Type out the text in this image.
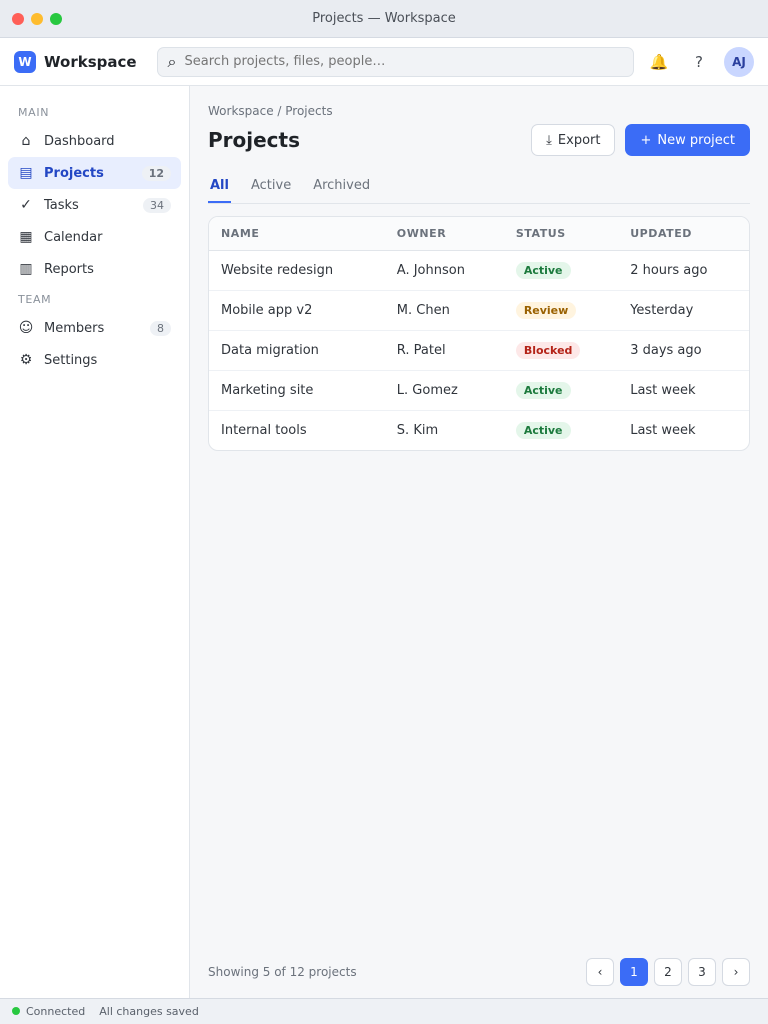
Projects — Workspace
W Workspace ⌕
Search projects, files, people…	🔔	?	AJ
MAIN
⌂ Dashboard
▤ Projects	12
✓ Tasks	34
▦ Calendar
▥ Reports
TEAM
☺ Members	8
⚙ Settings
Workspace / Projects
Projects	⤓ Export	+ New project
All Active Archived
NAME	OWNER	STATUS	UPDATED
Website redesign	A. Johnson	Active	2 hours ago
Mobile app v2	M. Chen	Review	Yesterday
Data migration	R. Patel	Blocked	3 days ago
Marketing site	L. Gomez	Active	Last week
Internal tools	S. Kim	Active	Last week
Showing 5 of 12 projects	‹	1	2	3	›
Connected All changes saved
